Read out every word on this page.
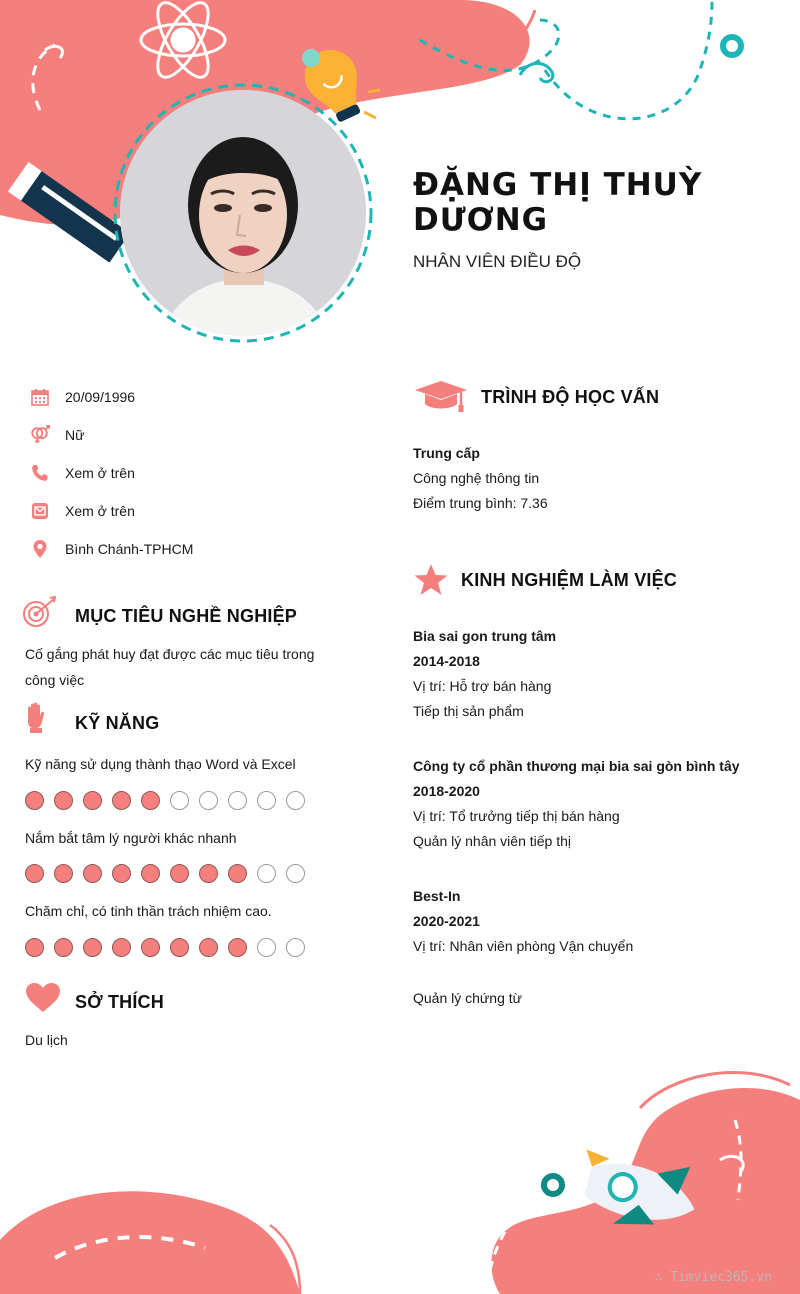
ĐẶNG THỊ THUỲ DƯƠNG
NHÂN VIÊN ĐIỀU ĐỘ
20/09/1996
Nữ
Xem ở trên
Xem ở trên
Bình Chánh-TPHCM
MỤC TIÊU NGHỀ NGHIỆP
Cố gắng phát huy đạt được các mục tiêu trong
công việc
KỸ NĂNG
Kỹ năng sử dụng thành thạo Word và Excel
Nắm bắt tâm lý người khác nhanh
Chăm chỉ, có tinh thần trách nhiệm cao.
SỞ THÍCH
Du lịch
TRÌNH ĐỘ HỌC VẤN
Trung cấp
Công nghệ thông tin
Điểm trung bình: 7.36
KINH NGHIỆM LÀM VIỆC
Bia sai gon trung tâm
2014-2018
Vị trí: Hỗ trợ bán hàng
Tiếp thị sản phẩm
Công ty cổ phần thương mại bia sai gòn bình tây
2018-2020
Vị trí: Tổ trưởng tiếp thị bán hàng
Quản lý nhân viên tiếp thị
Best-In
2020-2021
Vị trí: Nhân viên phòng Vận chuyển
Quản lý chứng từ
∴ Timviec365.vn
